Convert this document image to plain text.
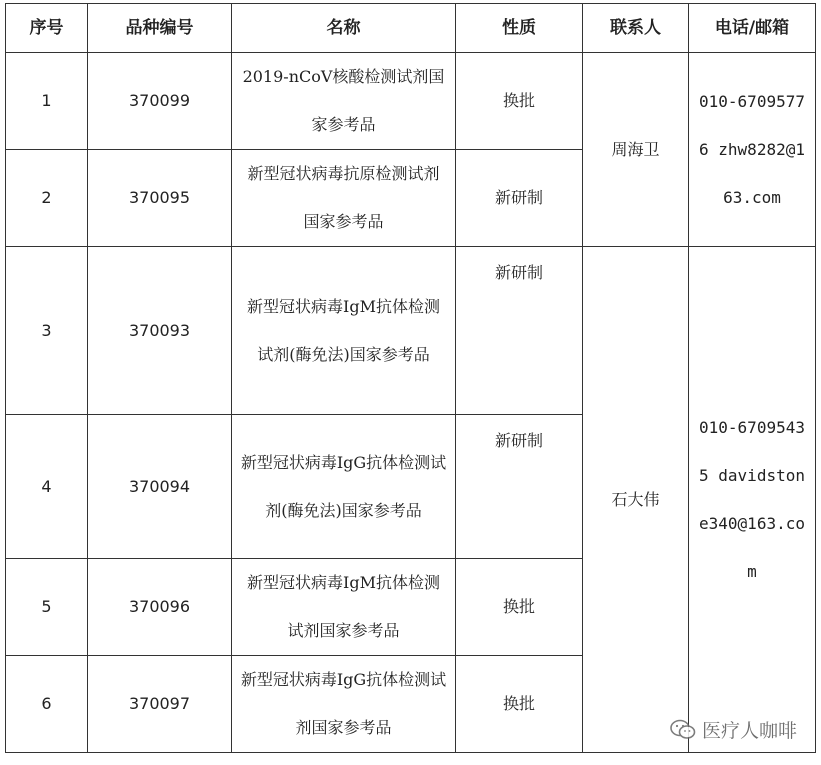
序号	品种编号	名称	性质	联系人	电话/邮箱
1	370099	2019-nCoV核酸检测试剂国家参考品	换批	周海卫	010-67095776 zhw8282@163.com
2	370095	新型冠状病毒抗原检测试剂国家参考品	新研制		
3	370093	新型冠状病毒IgM抗体检测试剂(酶免法)国家参考品	新研制	石大伟	010-67095435 davidstone340@163.com
4	370094	新型冠状病毒IgG抗体检测试剂(酶免法)国家参考品	新研制		
5	370096	新型冠状病毒IgM抗体检测试剂国家参考品	换批		
6	370097	新型冠状病毒IgG抗体检测试剂国家参考品	换批		
医疗人咖啡
